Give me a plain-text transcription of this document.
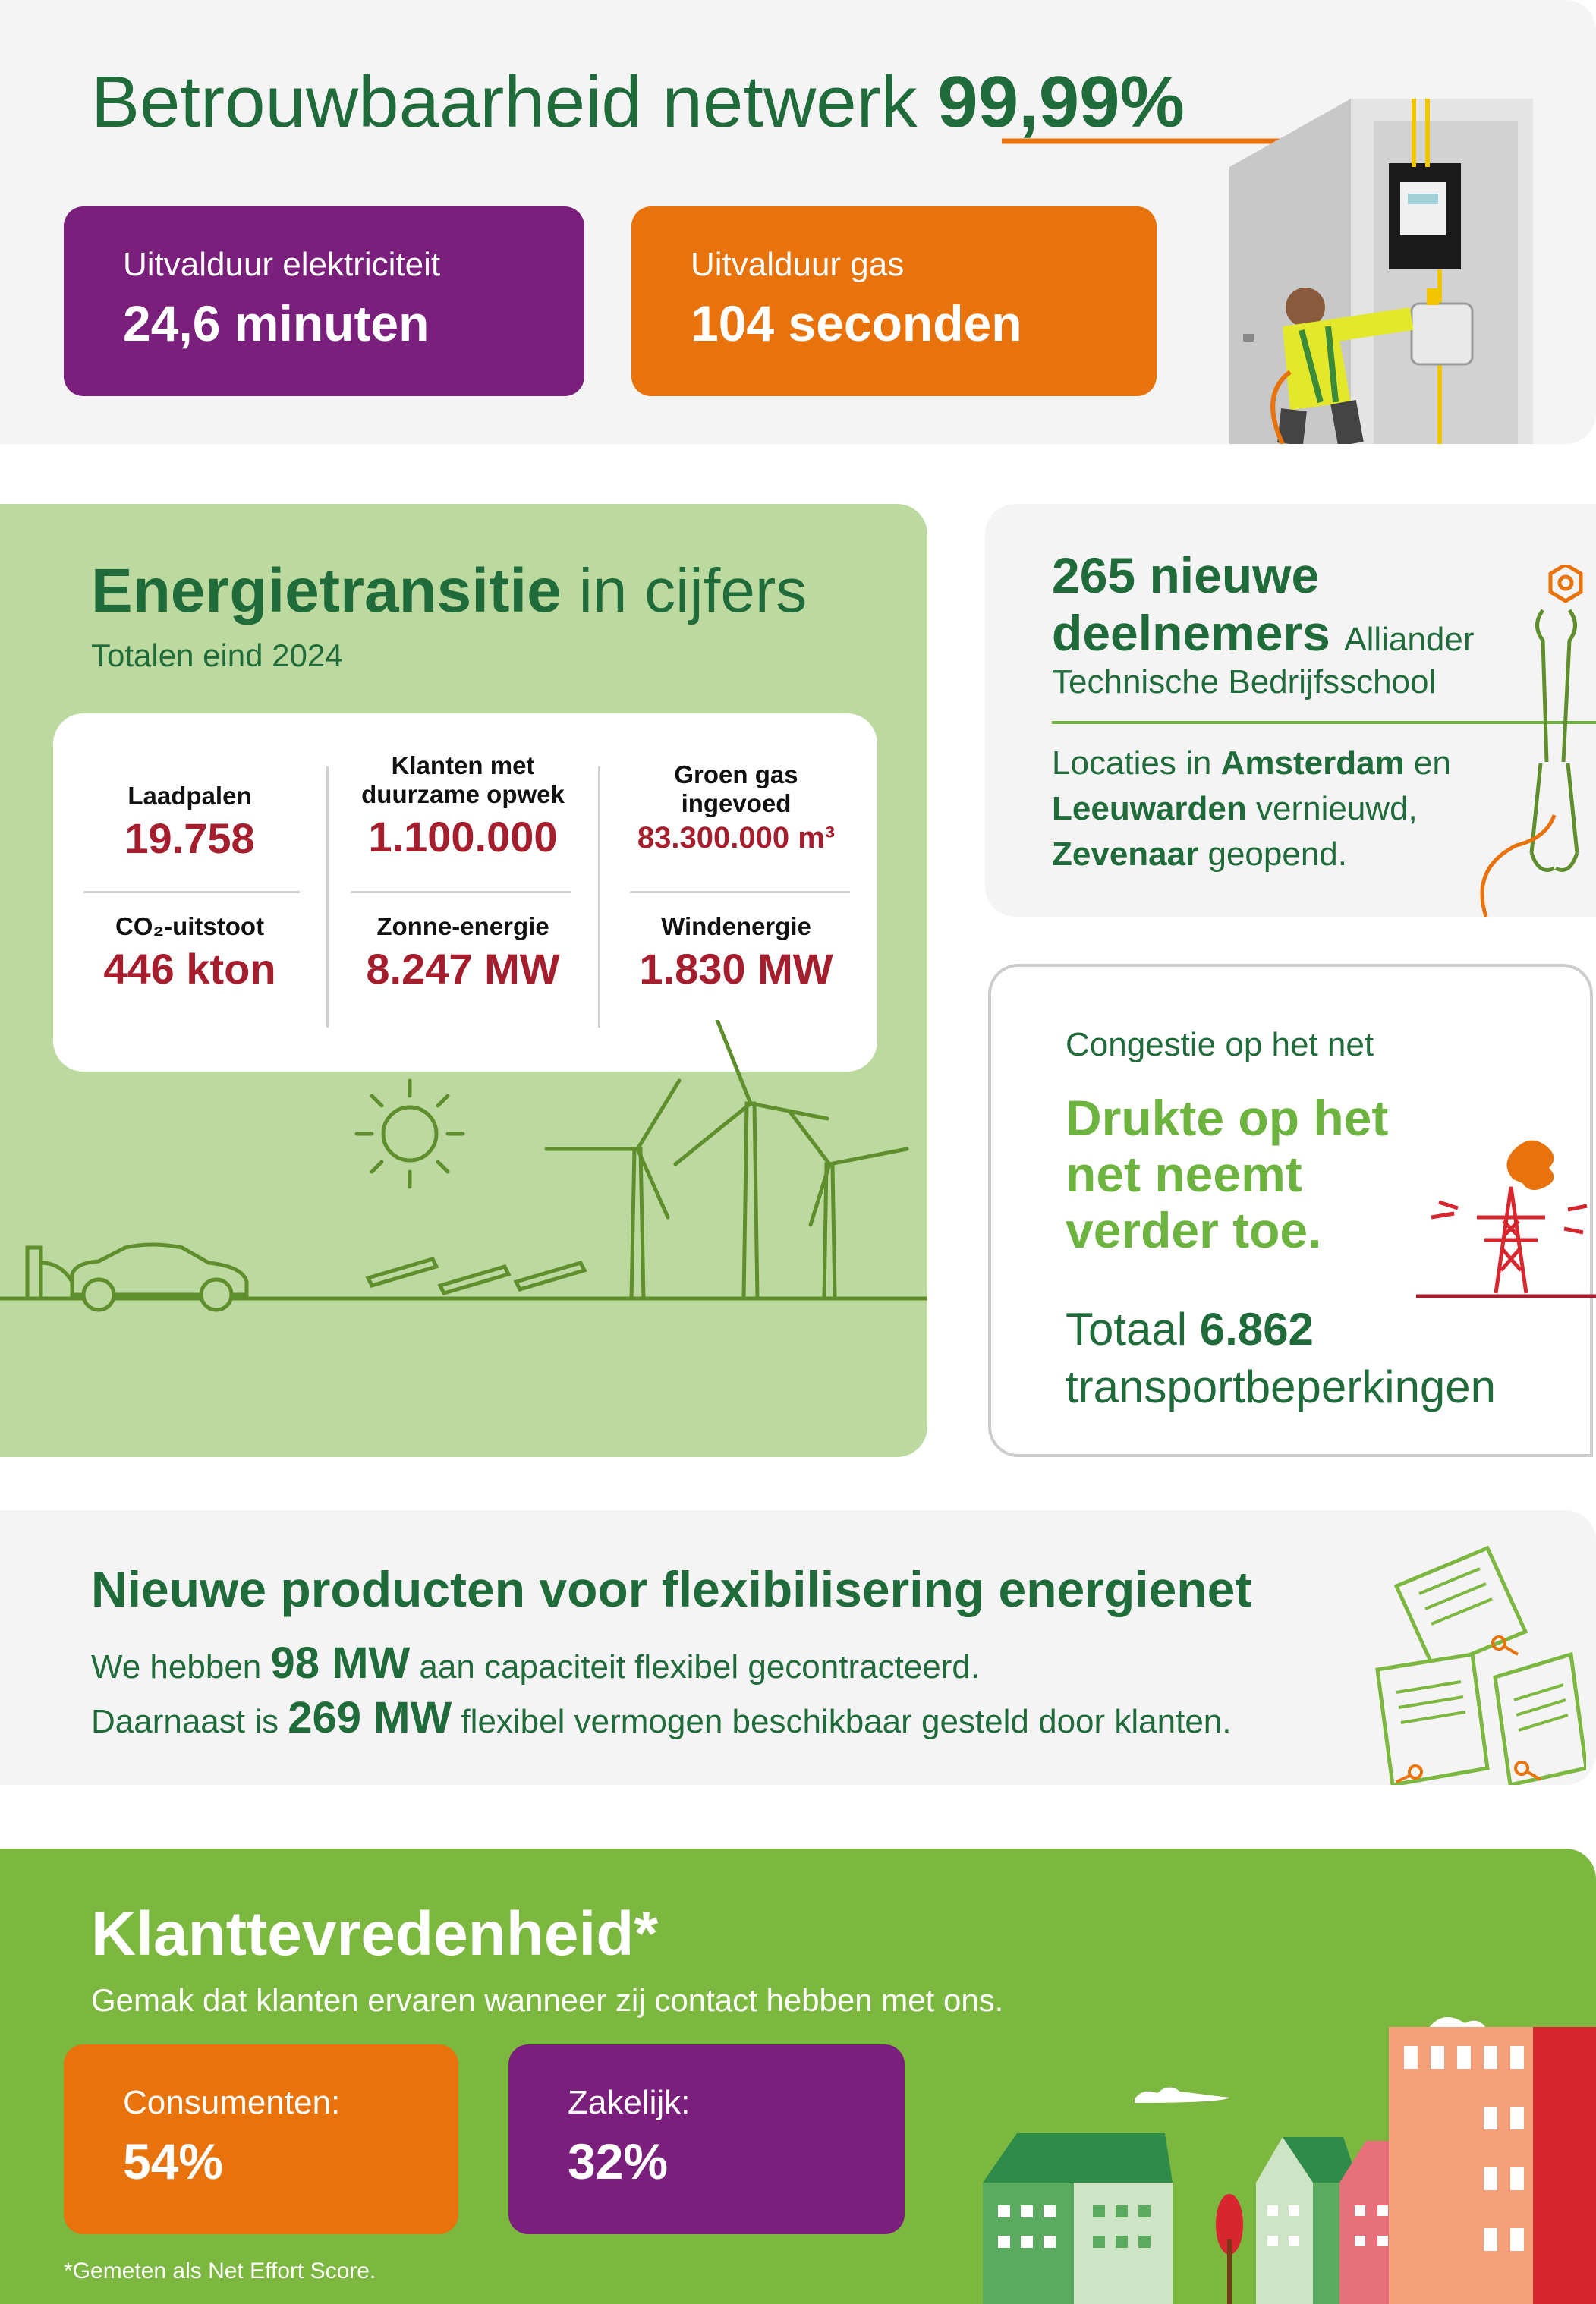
Betrouwbaarheid netwerk 99,99%
Uitvalduur elektriciteit
24,6 minuten
Uitvalduur gas
104 seconden
Energietransitie in cijfers
Totalen eind 2024
Laadpalen
19.758
Klanten met duurzame opwek
1.100.000
Groen gas ingevoed
83.300.000 m³
CO₂-uitstoot
446 kton
Zonne-energie
8.247 MW
Windenergie
1.830 MW
265 nieuwe deelnemers Alliander
Technische Bedrijfsschool
Locaties in Amsterdam en Leeuwarden vernieuwd, Zevenaar geopend.
Congestie op het net
Drukte op het net neemt verder toe.
Totaal 6.862 transportbeperkingen
Nieuwe producten voor flexibilisering energienet
We hebben 98 MW aan capaciteit flexibel gecontracteerd.
Daarnaast is 269 MW flexibel vermogen beschikbaar gesteld door klanten.
Klanttevredenheid*
Gemak dat klanten ervaren wanneer zij contact hebben met ons.
Consumenten:
54%
Zakelijk:
32%
*Gemeten als Net Effort Score.
